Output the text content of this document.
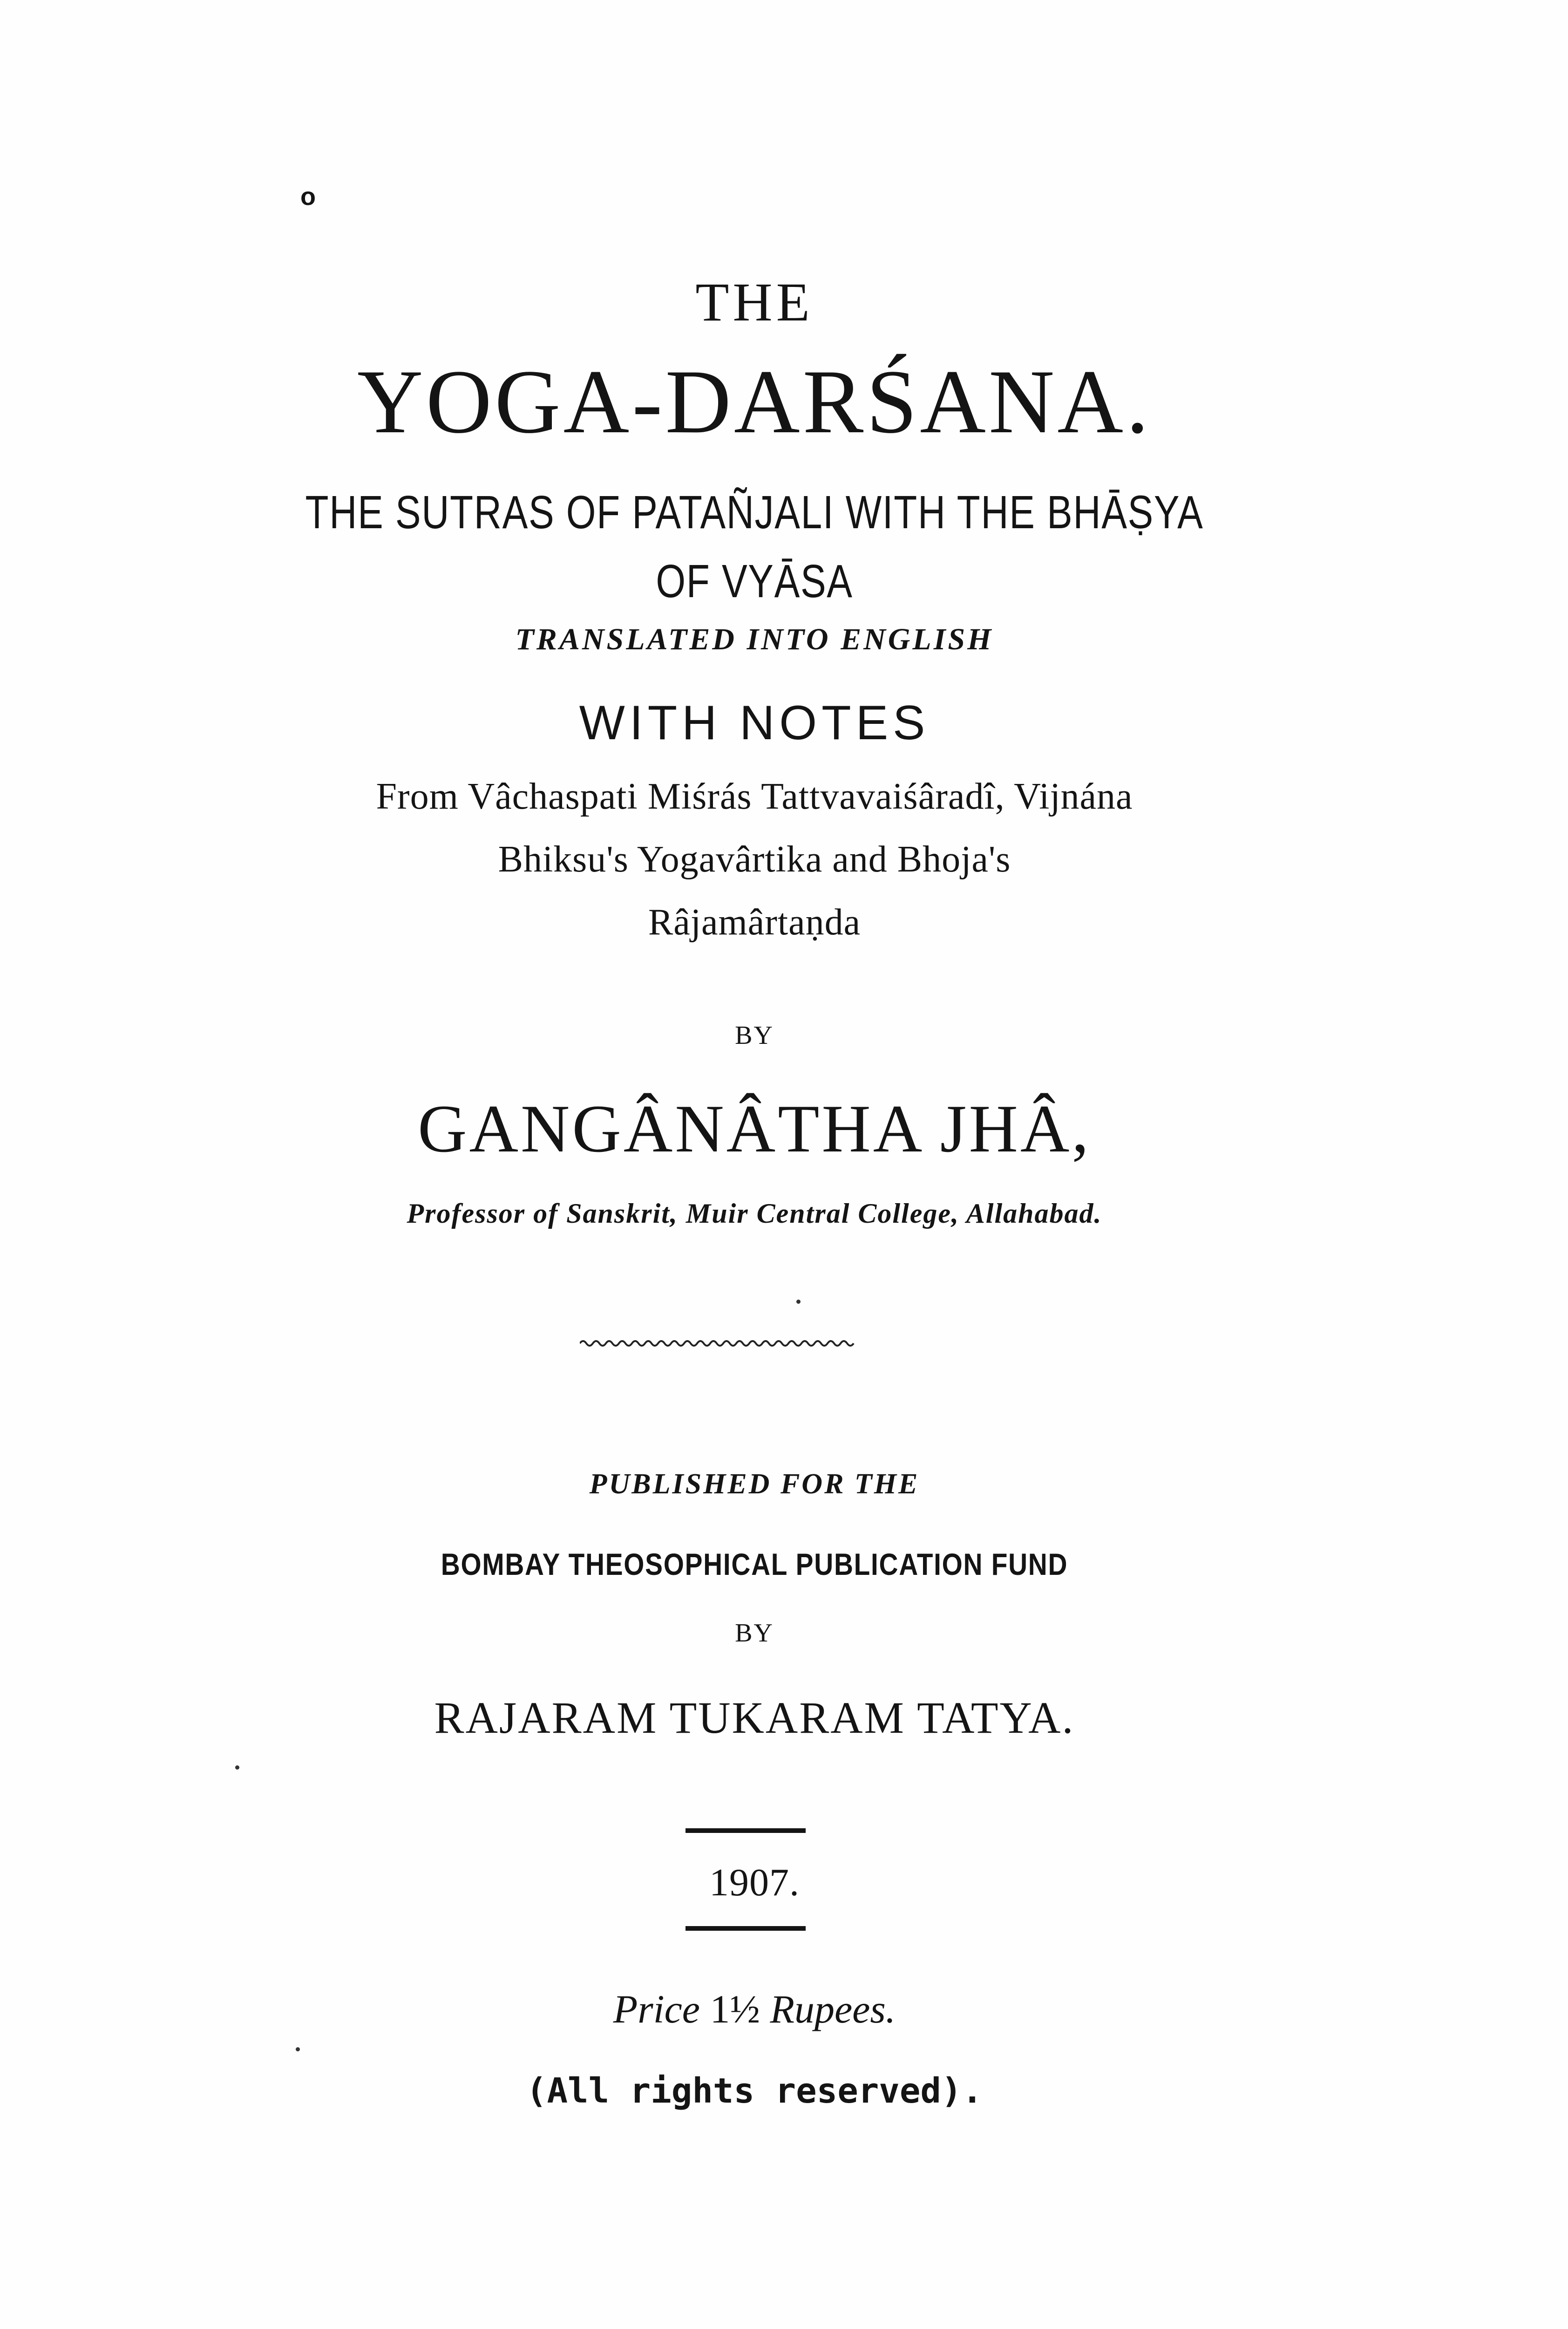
o
THE
YOGA-DARŚANA.
THE SUTRAS OF PATAÑJALI WITH THE BHĀṢYA
OF VYĀSA
TRANSLATED INTO ENGLISH
WITH NOTES
From Vâchaspati Miśrás Tattvavaiśâradî, Vijnána
Bhiksu's Yogavârtika and Bhoja's
Râjamârtaṇda
BY
GANGÂNÂTHA JHÂ,
Professor of Sanskrit, Muir Central College, Allahabad.
PUBLISHED FOR THE
BOMBAY THEOSOPHICAL PUBLICATION FUND
BY
RAJARAM TUKARAM TATYA.
1907.
Price 1½ Rupees.
(All rights reserved).
